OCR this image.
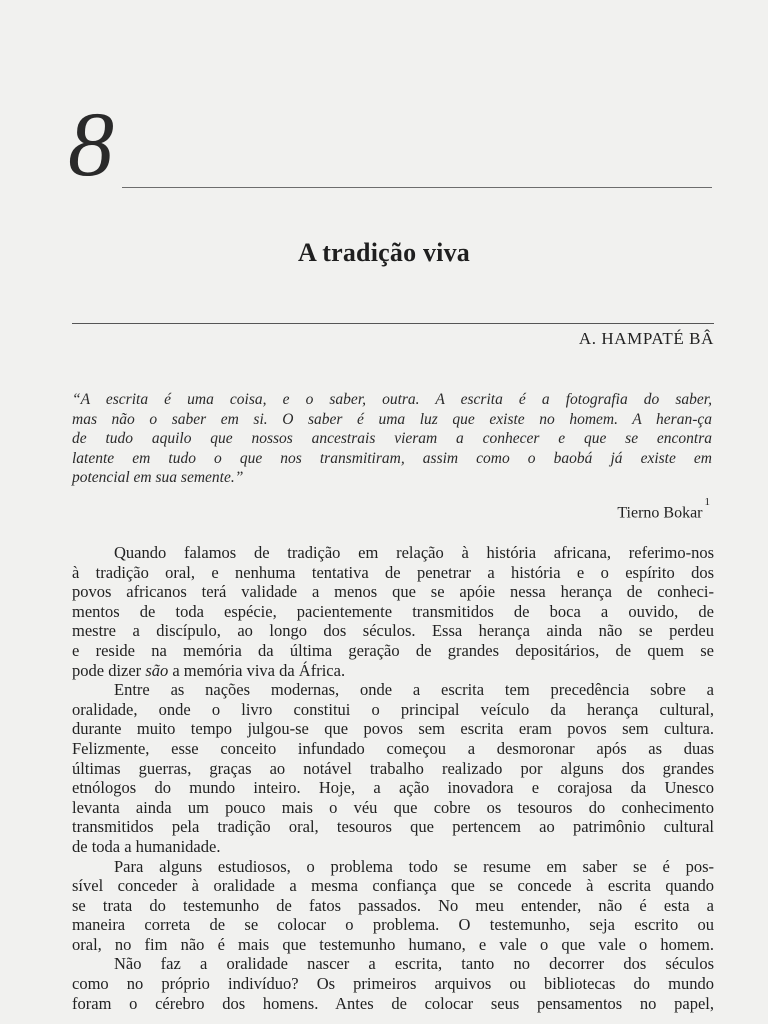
8
A tradição viva
A. HAMPATÉ BÂ
“A escrita é uma coisa, e o saber, outra. A escrita é a fotografia do saber,
mas não o saber em si. O saber é uma luz que existe no homem. A heran-ça
de tudo aquilo que nossos ancestrais vieram a conhecer e que se encontra
latente em tudo o que nos transmitiram, assim como o baobá já existe em
potencial em sua semente.”
Tierno Bokar$^1$
Quando falamos de tradição em relação à história africana, referimo-nos
à tradição oral, e nenhuma tentativa de penetrar a história e o espírito dos
povos africanos terá validade a menos que se apóie nessa herança de conheci-
mentos de toda espécie, pacientemente transmitidos de boca a ouvido, de
mestre a discípulo, ao longo dos séculos. Essa herança ainda não se perdeu
e reside na memória da última geração de grandes depositários, de quem se
pode dizer são a memória viva da África.
Entre as nações modernas, onde a escrita tem precedência sobre a
oralidade, onde o livro constitui o principal veículo da herança cultural,
durante muito tempo julgou-se que povos sem escrita eram povos sem cultura.
Felizmente, esse conceito infundado começou a desmoronar após as duas
últimas guerras, graças ao notável trabalho realizado por alguns dos grandes
etnólogos do mundo inteiro. Hoje, a ação inovadora e corajosa da Unesco
levanta ainda um pouco mais o véu que cobre os tesouros do conhecimento
transmitidos pela tradição oral, tesouros que pertencem ao patrimônio cultural
de toda a humanidade.
Para alguns estudiosos, o problema todo se resume em saber se é pos-
sível conceder à oralidade a mesma confiança que se concede à escrita quando
se trata do testemunho de fatos passados. No meu entender, não é esta a
maneira correta de se colocar o problema. O testemunho, seja escrito ou
oral, no fim não é mais que testemunho humano, e vale o que vale o homem.
Não faz a oralidade nascer a escrita, tanto no decorrer dos séculos
como no próprio indivíduo? Os primeiros arquivos ou bibliotecas do mundo
foram o cérebro dos homens. Antes de colocar seus pensamentos no papel,
